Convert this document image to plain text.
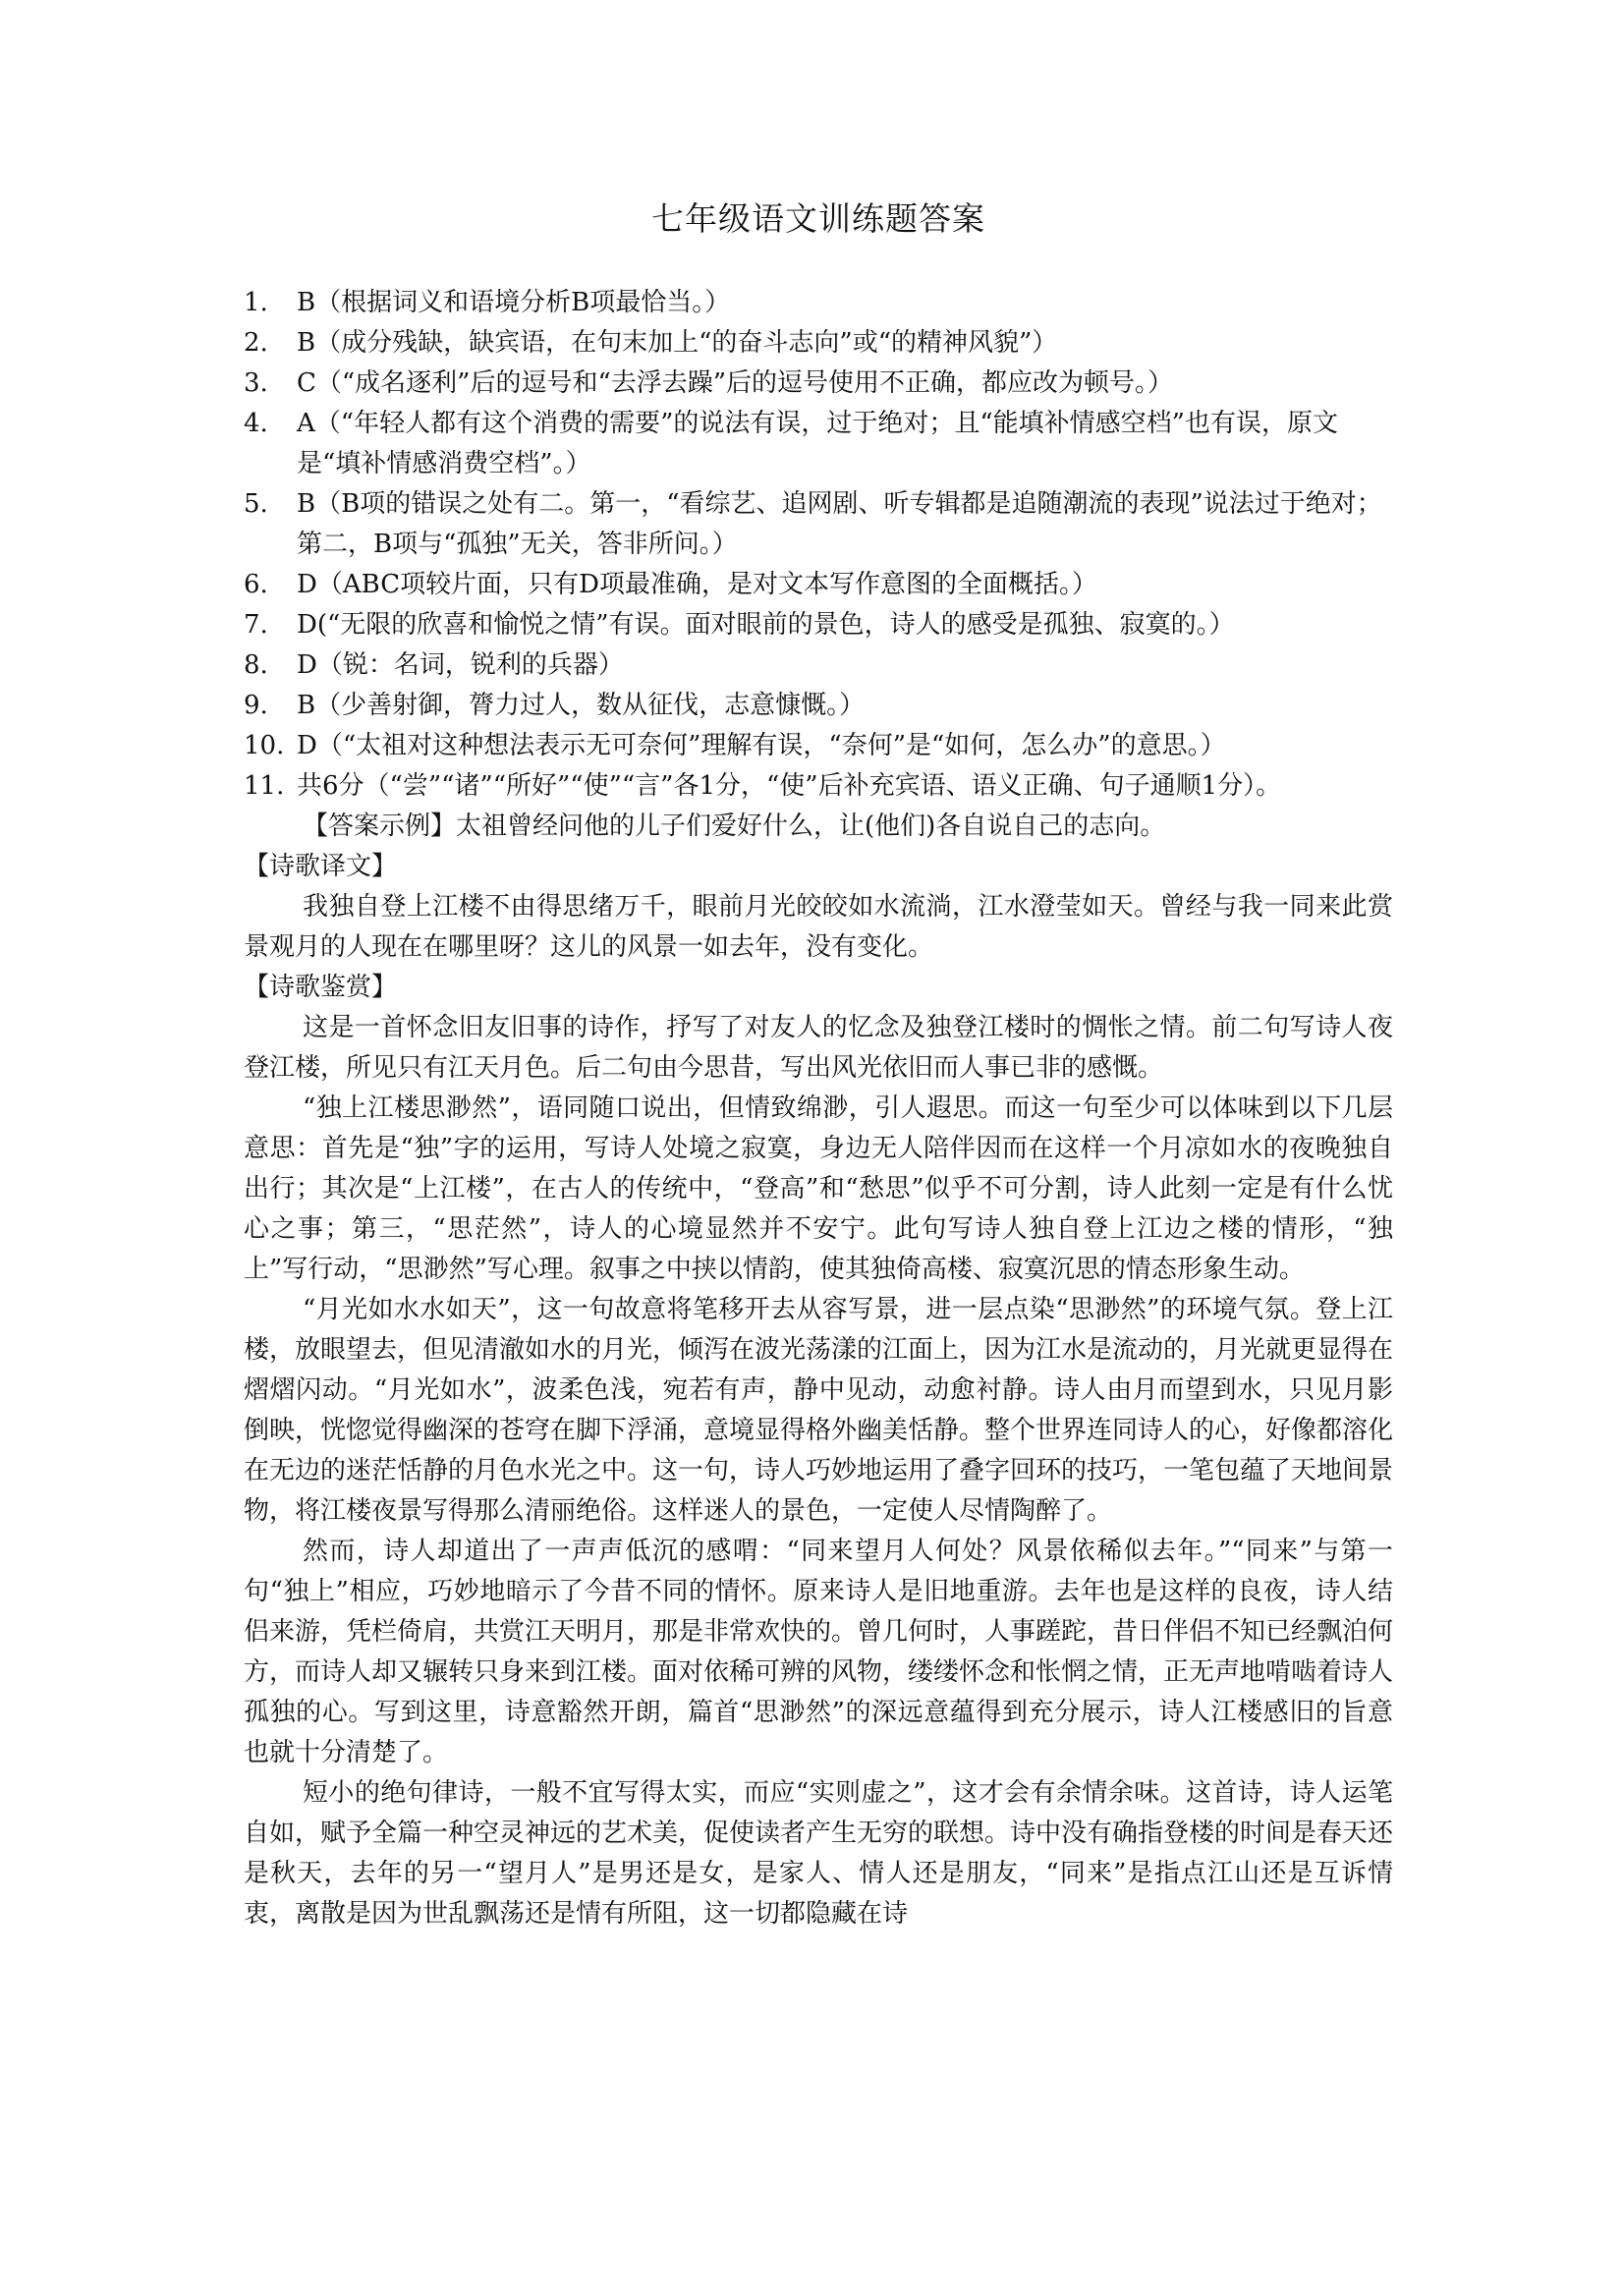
七年级语文训练题答案
1. B（根据词义和语境分析B项最恰当。）
2. B（成分残缺，缺宾语，在句末加上“的奋斗志向”或“的精神风貌”）
3. C（“成名逐利”后的逗号和“去浮去躁”后的逗号使用不正确，都应改为顿号。）
4. A（“年轻人都有这个消费的需要”的说法有误，过于绝对；且“能填补情感空档”也有误，原文是“填补情感消费空档”。）
5. B（B项的错误之处有二。第一，“看综艺、追网剧、听专辑都是追随潮流的表现”说法过于绝对；第二，B项与“孤独”无关，答非所问。）
6. D（ABC项较片面，只有D项最准确，是对文本写作意图的全面概括。）
7. D(“无限的欣喜和愉悦之情”有误。面对眼前的景色，诗人的感受是孤独、寂寞的。）
8. D（锐：名词，锐利的兵器）
9. B（少善射御，膂力过人，数从征伐，志意慷慨。）
10. D（“太祖对这种想法表示无可奈何”理解有误，“奈何”是“如何，怎么办”的意思。）
11. 共6分（“尝”“诸”“所好”“使”“言”各1分，“使”后补充宾语、语义正确、句子通顺1分）。

【答案示例】太祖曾经问他的儿子们爱好什么，让(他们)各自说自己的志向。

【诗歌译文】

我独自登上江楼不由得思绪万千，眼前月光皎皎如水流淌，江水澄莹如天。曾经与我一同来此赏景观月的人现在在哪里呀？这儿的风景一如去年，没有变化。

【诗歌鉴赏】

这是一首怀念旧友旧事的诗作，抒写了对友人的忆念及独登江楼时的惆怅之情。前二句写诗人夜登江楼，所见只有江天月色。后二句由今思昔，写出风光依旧而人事已非的感慨。

“独上江楼思渺然”，语同随口说出，但情致绵渺，引人遐思。而这一句至少可以体味到以下几层意思：首先是“独”字的运用，写诗人处境之寂寞，身边无人陪伴因而在这样一个月凉如水的夜晚独自出行；其次是“上江楼”，在古人的传统中，“登高”和“愁思”似乎不可分割，诗人此刻一定是有什么忧心之事；第三，“思茫然”，诗人的心境显然并不安宁。此句写诗人独自登上江边之楼的情形，“独上”写行动，“思渺然”写心理。叙事之中挟以情韵，使其独倚高楼、寂寞沉思的情态形象生动。

“月光如水水如天”，这一句故意将笔移开去从容写景，进一层点染“思渺然”的环境气氛。登上江楼，放眼望去，但见清澈如水的月光，倾泻在波光荡漾的江面上，因为江水是流动的，月光就更显得在熠熠闪动。“月光如水”，波柔色浅，宛若有声，静中见动，动愈衬静。诗人由月而望到水，只见月影倒映，恍惚觉得幽深的苍穹在脚下浮涌，意境显得格外幽美恬静。整个世界连同诗人的心，好像都溶化在无边的迷茫恬静的月色水光之中。这一句，诗人巧妙地运用了叠字回环的技巧，一笔包蕴了天地间景物，将江楼夜景写得那么清丽绝俗。这样迷人的景色，一定使人尽情陶醉了。

然而，诗人却道出了一声声低沉的感喟：“同来望月人何处？风景依稀似去年。”“同来”与第一句“独上”相应，巧妙地暗示了今昔不同的情怀。原来诗人是旧地重游。去年也是这样的良夜，诗人结侣来游，凭栏倚肩，共赏江天明月，那是非常欢快的。曾几何时，人事蹉跎，昔日伴侣不知已经飘泊何方，而诗人却又辗转只身来到江楼。面对依稀可辨的风物，缕缕怀念和怅惘之情，正无声地啃啮着诗人孤独的心。写到这里，诗意豁然开朗，篇首“思渺然”的深远意蕴得到充分展示，诗人江楼感旧的旨意也就十分清楚了。

短小的绝句律诗，一般不宜写得太实，而应“实则虚之”，这才会有余情余味。这首诗，诗人运笔自如，赋予全篇一种空灵神远的艺术美，促使读者产生无穷的联想。诗中没有确指登楼的时间是春天还是秋天，去年的另一“望月人”是男还是女，是家人、情人还是朋友，“同来”是指点江山还是互诉情衷，离散是因为世乱飘荡还是情有所阻，这一切都隐藏在诗
